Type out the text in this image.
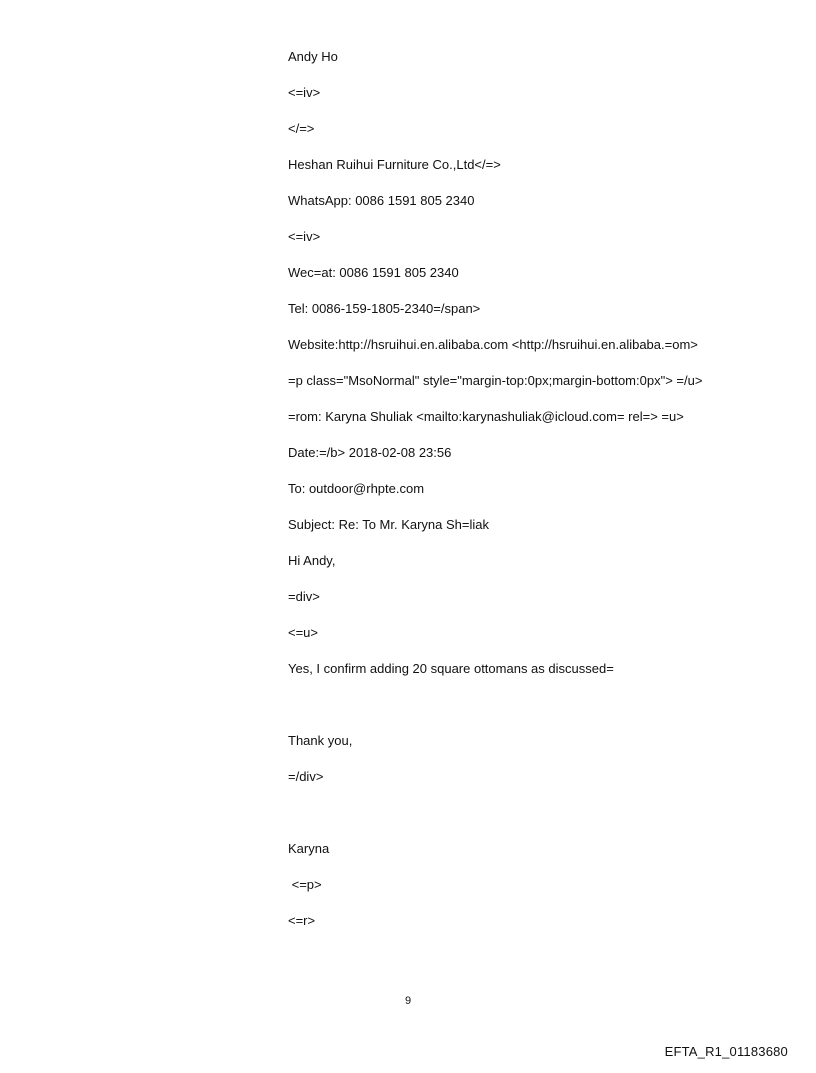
Andy Ho
<=iv>
</=>
Heshan Ruihui Furniture Co.,Ltd</=>
WhatsApp: 0086 1591 805 2340
<=iv>
Wec=at: 0086 1591 805 2340
Tel: 0086-159-1805-2340=/span>
Website:http://hsruihui.en.alibaba.com <http://hsruihui.en.alibaba.=om>
=p class="MsoNormal" style="margin-top:0px;margin-bottom:0px"> =/u>
=rom: Karyna Shuliak <mailto:karynashuliak@icloud.com= rel=> =u>
Date:=/b> 2018-02-08 23:56
To: outdoor@rhpte.com
Subject: Re: To Mr. Karyna Sh=liak
Hi Andy,
=div>
<=u>
Yes, I confirm adding 20 square ottomans as discussed=
Thank you,
=/div>
Karyna
<=p>
<=r>
9
EFTA_R1_01183680
